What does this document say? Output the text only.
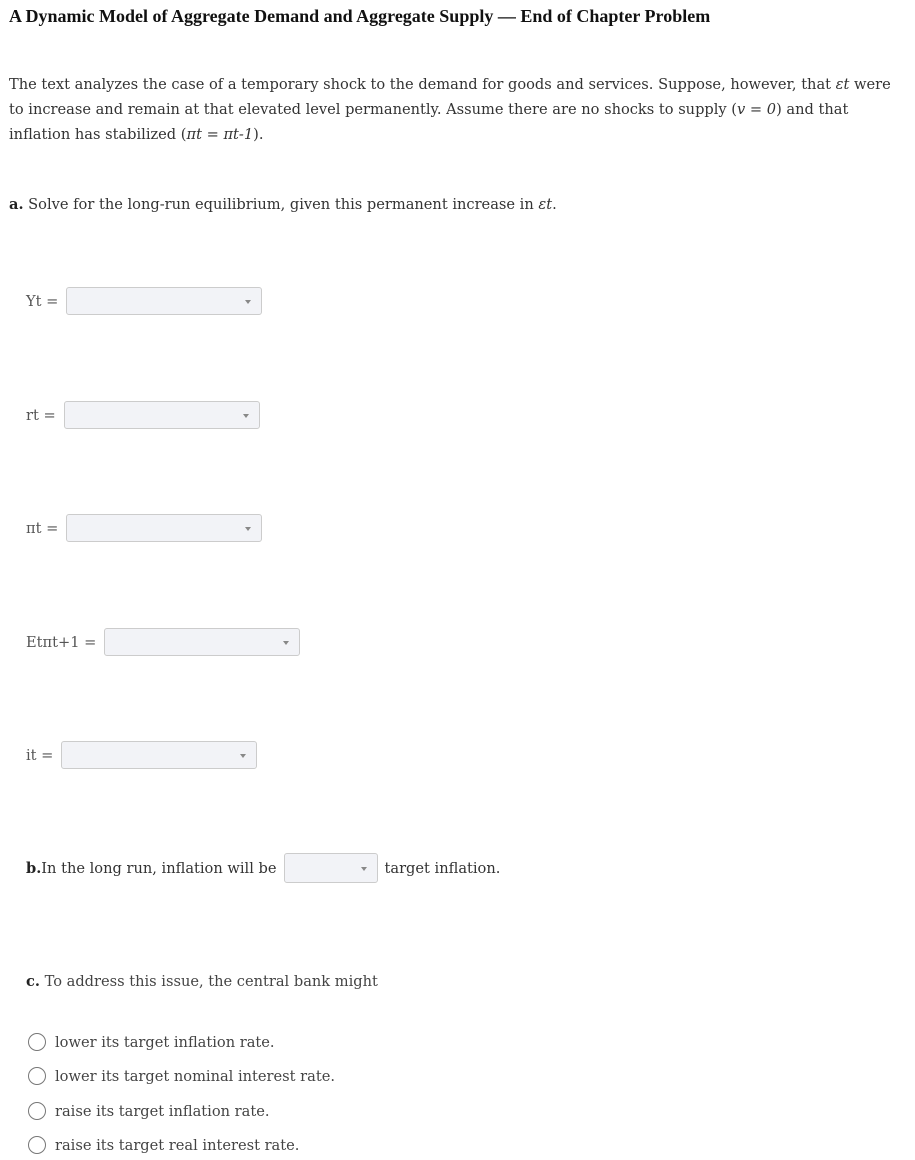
A Dynamic Model of Aggregate Demand and Aggregate Supply — End of Chapter Problem
The text analyzes the case of a temporary shock to the demand for goods and services. Suppose, however, that εt were to increase and remain at that elevated level permanently. Assume there are no shocks to supply (v = 0) and that inflation has stabilized (πt = πt-1).
a. Solve for the long-run equilibrium, given this permanent increase in εt.
Yt =
rt =
πt =
Etπt+1 =
it =
b. In the long run, inflation will be	target inflation.
c. To address this issue, the central bank might
lower its target inflation rate.
lower its target nominal interest rate.
raise its target inflation rate.
raise its target real interest rate.
